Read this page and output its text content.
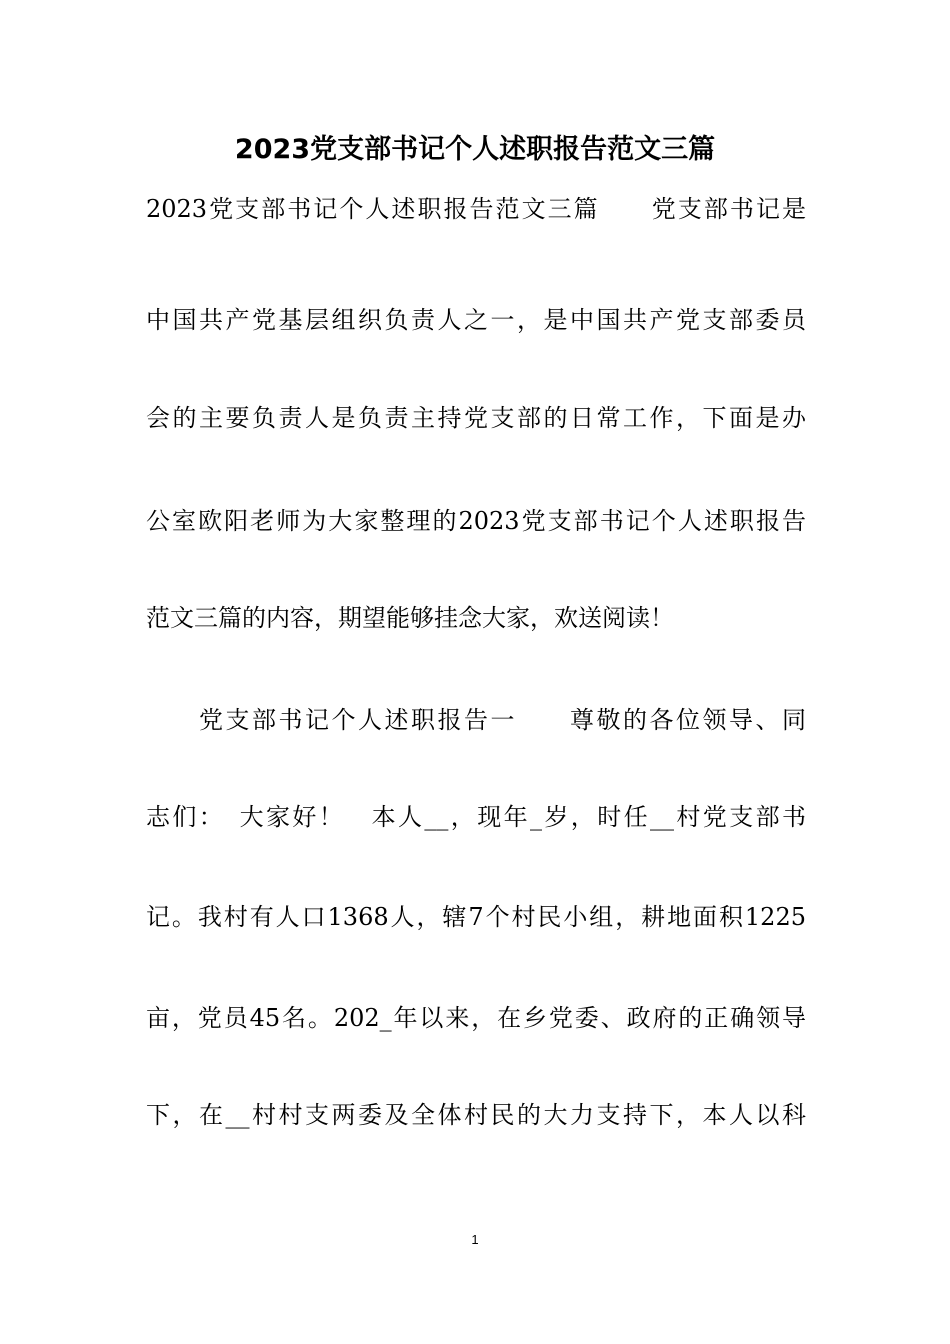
2023党支部书记个人述职报告范文三篇
2023党支部书记个人述职报告范文三篇　　党支部书记是
中国共产党基层组织负责人之一，是中国共产党支部委员
会的主要负责人是负责主持党支部的日常工作，下面是办
公室欧阳老师为大家整理的2023党支部书记个人述职报告
范文三篇的内容，期望能够挂念大家，欢送阅读！
　　党支部书记个人述职报告一　　尊敬的各位领导、同
志们：　大家好！　本人__，现年_岁，时任__村党支部书
记。我村有人口1368人，辖7个村民小组，耕地面积1225
亩，党员45名。202_年以来，在乡党委、政府的正确领导
下，在__村村支两委及全体村民的大力支持下，本人以科
1
